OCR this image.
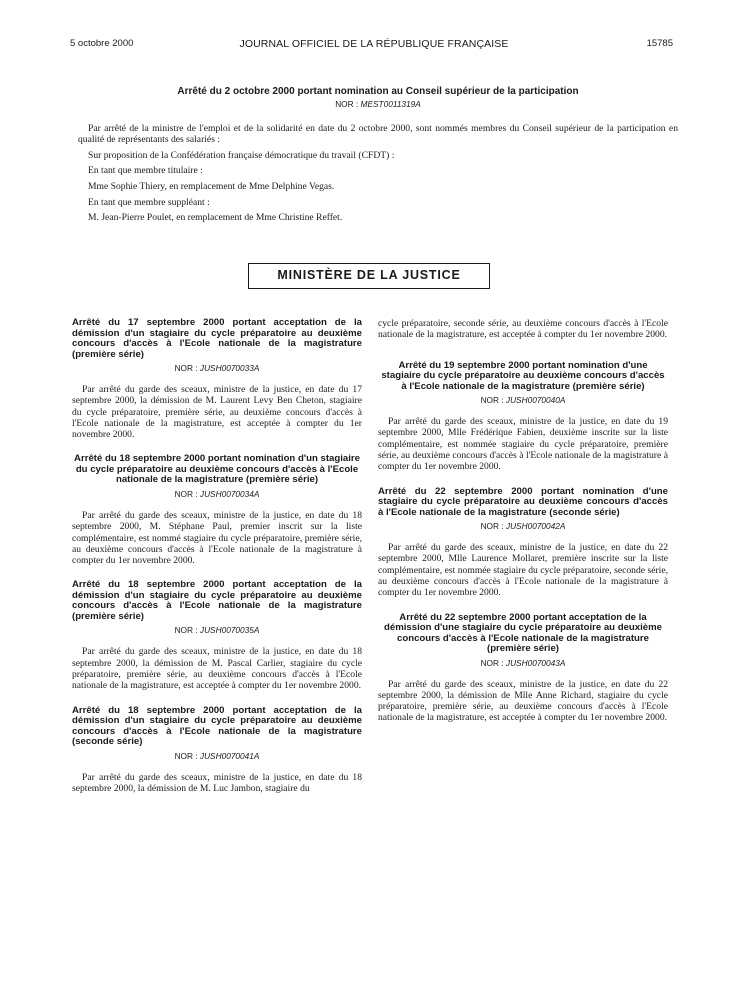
5 octobre 2000	JOURNAL OFFICIEL DE LA RÉPUBLIQUE FRANÇAISE	15785
Arrêté du 2 octobre 2000 portant nomination au Conseil supérieur de la participation
NOR : MEST0011319A

Par arrêté de la ministre de l'emploi et de la solidarité en date du 2 octobre 2000, sont nommés membres du Conseil supérieur de la participation en qualité de représentants des salariés :

Sur proposition de la Confédération française démocratique du travail (CFDT) :

En tant que membre titulaire :

Mme Sophie Thiery, en remplacement de Mme Delphine Vegas.

En tant que membre suppléant :

M. Jean-Pierre Poulet, en remplacement de Mme Christine Reffet.

MINISTÈRE DE LA JUSTICE

Arrêté du 17 septembre 2000 portant acceptation de la démission d'un stagiaire du cycle préparatoire au deuxième concours d'accès à l'Ecole nationale de la magistrature (première série)

NOR : JUSH0070033A

Par arrêté du garde des sceaux, ministre de la justice, en date du 17 septembre 2000, la démission de M. Laurent Levy Ben Cheton, stagiaire du cycle préparatoire, première série, au deuxième concours d'accès à l'Ecole nationale de la magistrature, est acceptée à compter du 1er novembre 2000.

Arrêté du 18 septembre 2000 portant nomination d'un stagiaire du cycle préparatoire au deuxième concours d'accès à l'Ecole nationale de la magistrature (première série)

NOR : JUSH0070034A

Par arrêté du garde des sceaux, ministre de la justice, en date du 18 septembre 2000, M. Stéphane Paul, premier inscrit sur la liste complémentaire, est nommé stagiaire du cycle préparatoire, première série, au deuxième concours d'accès à l'Ecole nationale de la magistrature à compter du 1er novembre 2000.

Arrêté du 18 septembre 2000 portant acceptation de la démission d'un stagiaire du cycle préparatoire au deuxième concours d'accès à l'Ecole nationale de la magistrature (première série)

NOR : JUSH0070035A

Par arrêté du garde des sceaux, ministre de la justice, en date du 18 septembre 2000, la démission de M. Pascal Carlier, stagiaire du cycle préparatoire, première série, au deuxième concours d'accès à l'Ecole nationale de la magistrature, est acceptée à compter du 1er novembre 2000.

Arrêté du 18 septembre 2000 portant acceptation de la démission d'un stagiaire du cycle préparatoire au deuxième concours d'accès à l'Ecole nationale de la magistrature (seconde série)

NOR : JUSH0070041A

Par arrêté du garde des sceaux, ministre de la justice, en date du 18 septembre 2000, la démission de M. Luc Jambon, stagiaire du

cycle préparatoire, seconde série, au deuxième concours d'accès à l'Ecole nationale de la magistrature, est acceptée à compter du 1er novembre 2000.

Arrêté du 19 septembre 2000 portant nomination d'une stagiaire du cycle préparatoire au deuxième concours d'accès à l'Ecole nationale de la magistrature (première série)

NOR : JUSH0070040A

Par arrêté du garde des sceaux, ministre de la justice, en date du 19 septembre 2000, Mlle Frédérique Fabien, deuxième inscrite sur la liste complémentaire, est nommée stagiaire du cycle préparatoire, première série, au deuxième concours d'accès à l'Ecole nationale de la magistrature à compter du 1er novembre 2000.

Arrêté du 22 septembre 2000 portant nomination d'une stagiaire du cycle préparatoire au deuxième concours d'accès à l'Ecole nationale de la magistrature (seconde série)

NOR : JUSH0070042A

Par arrêté du garde des sceaux, ministre de la justice, en date du 22 septembre 2000, Mlle Laurence Mollaret, première inscrite sur la liste complémentaire, est nommée stagiaire du cycle préparatoire, seconde série, au deuxième concours d'accès à l'Ecole nationale de la magistrature à compter du 1er novembre 2000.

Arrêté du 22 septembre 2000 portant acceptation de la démission d'une stagiaire du cycle préparatoire au deuxième concours d'accès à l'Ecole nationale de la magistrature (première série)

NOR : JUSH0070043A

Par arrêté du garde des sceaux, ministre de la justice, en date du 22 septembre 2000, la démission de Mlle Anne Richard, stagiaire du cycle préparatoire, première série, au deuxième concours d'accès à l'Ecole nationale de la magistrature, est acceptée à compter du 1er novembre 2000.
